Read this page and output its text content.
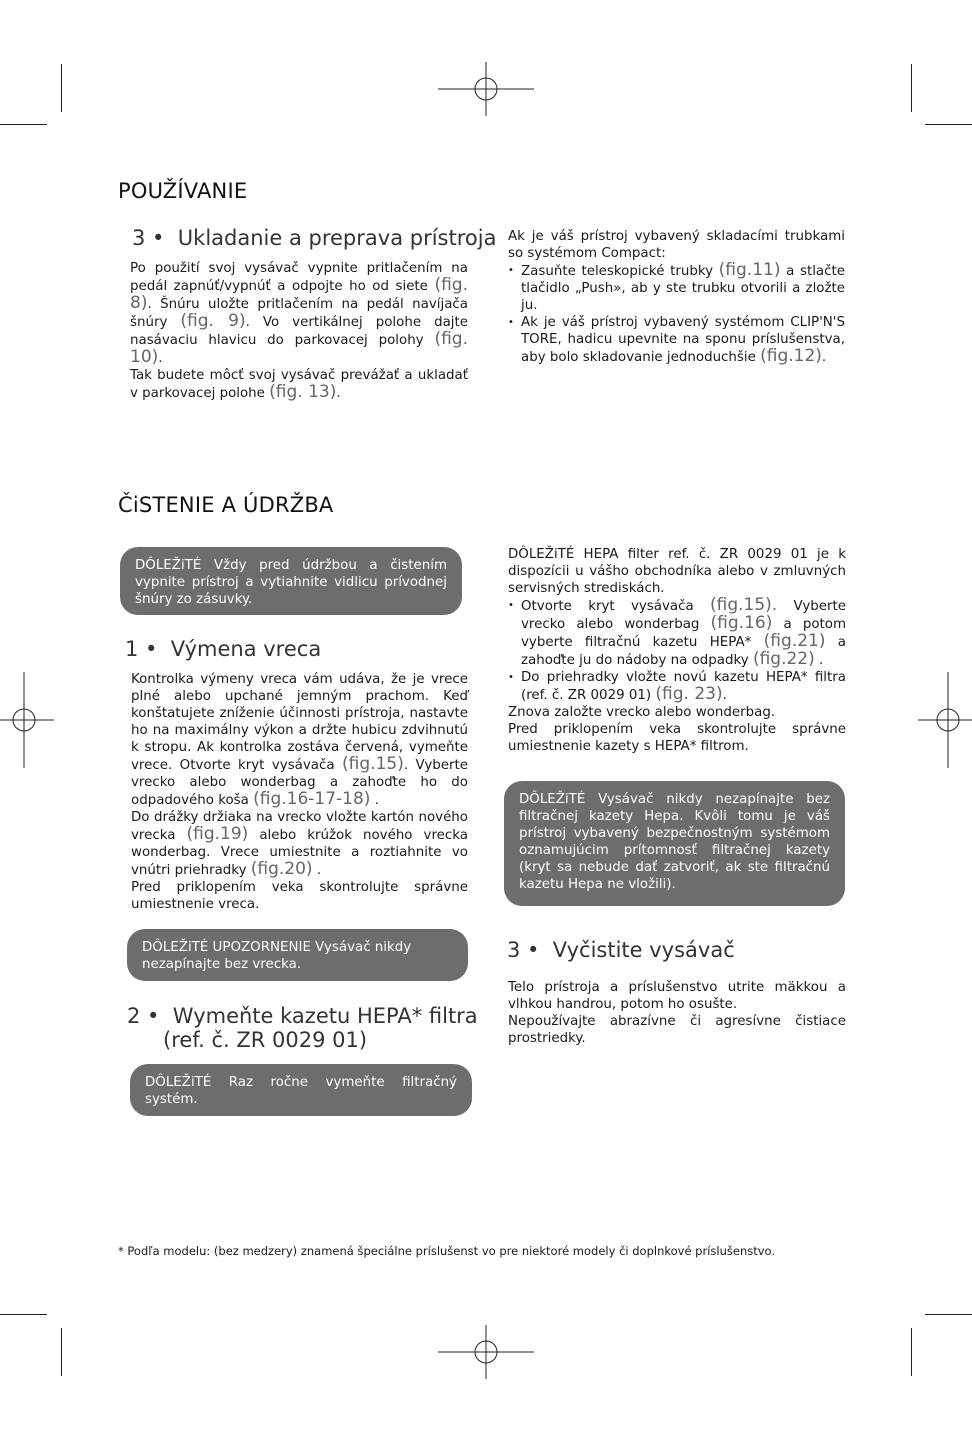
POUŽÍVANIE
3 • Ukladanie a preprava prístroja

Po použití svoj vysávač vypnite pritlačením na pedál zapnúť/vypnúť a odpojte ho od siete (fig. 8). Šnúru uložte pritlačením na pedál navíjača šnúry (fig. 9). Vo vertikálnej polohe dajte nasávaciu hlavicu do parkovacej polohy (fig. 10).

Tak budete môcť svoj vysávač prevážať a ukladať v parkovacej polohe (fig. 13).

Ak je váš prístroj vybavený skladacími trubkami so systémom Compact:

• Zasuňte teleskopické trubky (fig.11) a stlačte tlačidlo „Push», ab y ste trubku otvorili a zložte ju.
• Ak je váš prístroj vybavený systémom CLIP'N'S TORE, hadicu upevnite na sponu príslušenstva, aby bolo skladovanie jednoduchšie (fig.12).
ČiSTENIE A ÚDRŽBA
DÔLEŽiTÉ Vždy pred údržbou a čistením vypnite prístroj a vytiahnite vidlicu prívodnej šnúry zo zásuvky.
1 • Výmena vreca

Kontrolka výmeny vreca vám udáva, že je vrece plné alebo upchané jemným prachom. Keď konštatujete zníženie účinnosti prístroja, nastavte ho na maximálny výkon a držte hubicu zdvihnutú k stropu. Ak kontrolka zostáva červená, vymeňte vrece. Otvorte kryt vysávača (fig.15). Vyberte vrecko alebo wonderbag a zahoďte ho do odpadového koša (fig.16-17-18) .

Do drážky držiaka na vrecko vložte kartón nového vrecka (fig.19) alebo krúžok nového vrecka wonderbag. Vrece umiestnite a roztiahnite vo vnútri priehradky (fig.20) .

Pred priklopením veka skontrolujte správne umiestnenie vreca.

DÔLEŽiTÉ UPOZORNENIE Vysávač nikdy nezapínajte bez vrecka.
2 • Wymeňte kazetu HEPA* filtra
(ref. č. ZR 0029 01)
DÔLEŽiTÉ Raz ročne vymeňte filtračný systém.

DÔLEŽiTÉ HEPA filter ref. č. ZR 0029 01 je k dispozícii u vášho obchodníka alebo v zmluvných servisných strediskách.

• Otvorte kryt vysávača (fig.15). Vyberte vrecko alebo wonderbag (fig.16) a potom vyberte filtračnú kazetu HEPA* (fig.21) a zahoďte ju do nádoby na odpadky (fig.22) .
• Do priehradky vložte novú kazetu HEPA* filtra (ref. č. ZR 0029 01) (fig. 23).

Znova založte vrecko alebo wonderbag.

Pred priklopením veka skontrolujte správne umiestnenie kazety s HEPA* filtrom.

DÔLEŽiTÉ Vysávač nikdy nezapínajte bez filtračnej kazety Hepa. Kvôli tomu je váš prístroj vybavený bezpečnostným systémom oznamujúcim prítomnosť filtračnej kazety (kryt sa nebude dať zatvoriť, ak ste filtračnú kazetu Hepa ne vložili).
3 • Vyčistite vysávač

Telo prístroja a príslušenstvo utrite mäkkou a vlhkou handrou, potom ho osušte.

Nepoužívajte abrazívne či agresívne čistiace prostriedky.

* Podľa modelu: (bez medzery) znamená špeciálne príslušenst vo pre niektoré modely či doplnkové príslušenstvo.
